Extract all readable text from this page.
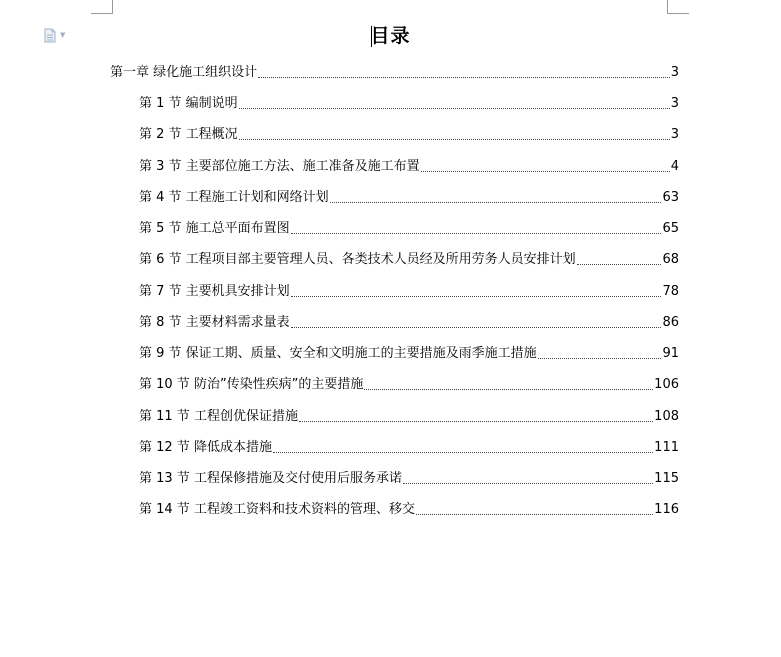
▼	目录
第一章 绿化施工组织设计	3
第 1 节 编制说明	3
第 2 节 工程概况	3
第 3 节 主要部位施工方法、施工准备及施工布置	4
第 4 节 工程施工计划和网络计划	63
第 5 节 施工总平面布置图	65
第 6 节 工程项目部主要管理人员、各类技术人员经及所用劳务人员安排计划	68
第 7 节 主要机具安排计划	78
第 8 节 主要材料需求量表	86
第 9 节 保证工期、质量、安全和文明施工的主要措施及雨季施工措施	91
第 10 节 防治”传染性疾病”的主要措施	106
第 11 节 工程创优保证措施	108
第 12 节 降低成本措施	111
第 13 节 工程保修措施及交付使用后服务承诺	115
第 14 节 工程竣工资料和技术资料的管理、移交	116
